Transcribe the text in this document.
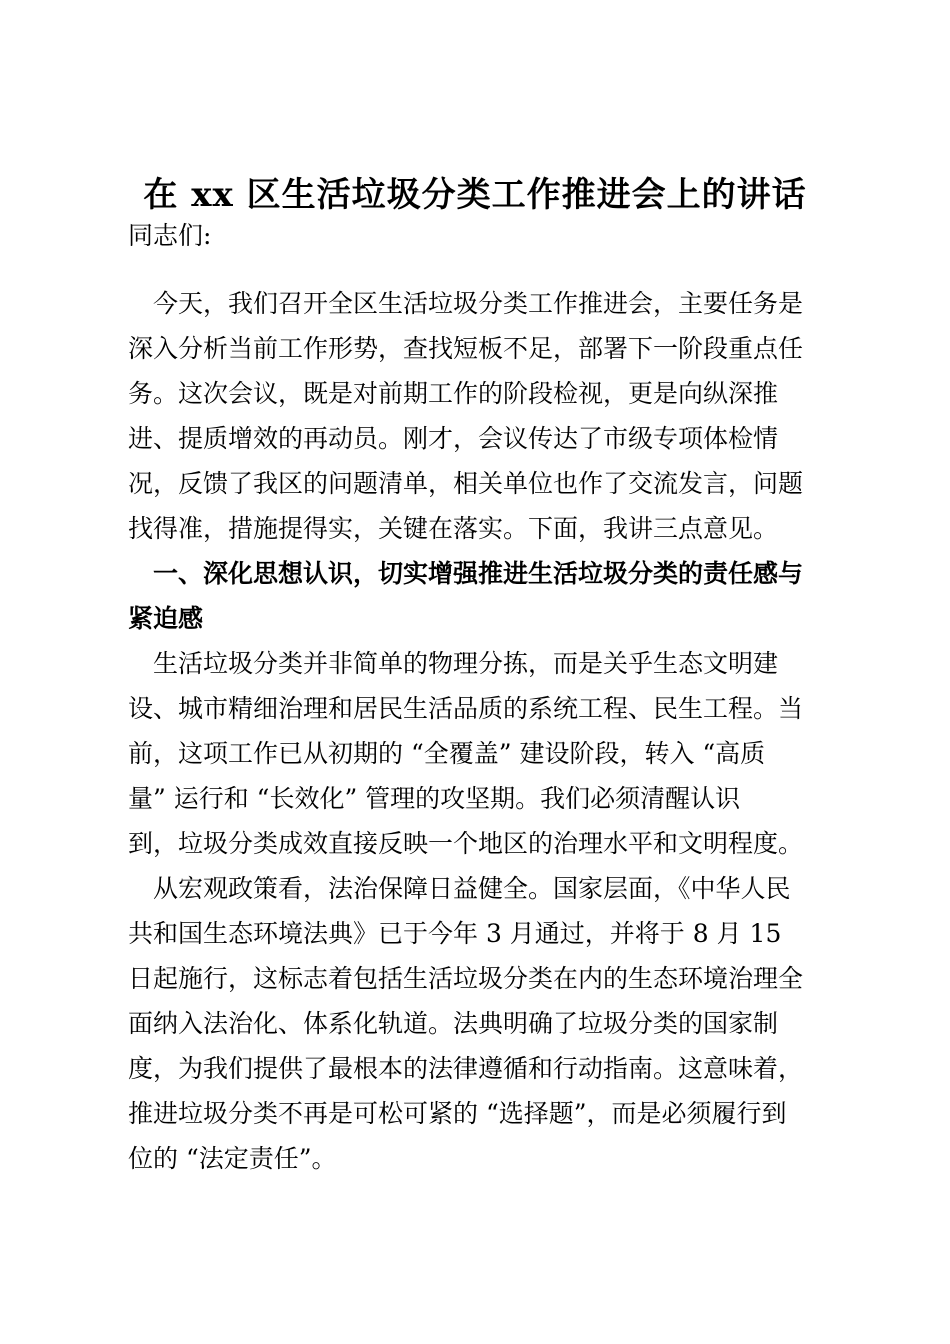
在 xx 区生活垃圾分类工作推进会上的讲话
同志们:
　今天，我们召开全区生活垃圾分类工作推进会，主要任务是
深入分析当前工作形势，查找短板不足，部署下一阶段重点任
务。这次会议，既是对前期工作的阶段检视，更是向纵深推
进、提质增效的再动员。刚才，会议传达了市级专项体检情
况，反馈了我区的问题清单，相关单位也作了交流发言，问题
找得准，措施提得实，关键在落实。下面，我讲三点意见。
　一、深化思想认识，切实增强推进生活垃圾分类的责任感与
紧迫感
　生活垃圾分类并非简单的物理分拣，而是关乎生态文明建
设、城市精细治理和居民生活品质的系统工程、民生工程。当
前，这项工作已从初期的 “全覆盖” 建设阶段，转入 “高质
量” 运行和 “长效化” 管理的攻坚期。我们必须清醒认识
到，垃圾分类成效直接反映一个地区的治理水平和文明程度。
　从宏观政策看，法治保障日益健全。国家层面，《中华人民
共和国生态环境法典》已于今年 3 月通过，并将于 8 月 15
日起施行，这标志着包括生活垃圾分类在内的生态环境治理全
面纳入法治化、体系化轨道。法典明确了垃圾分类的国家制
度，为我们提供了最根本的法律遵循和行动指南。这意味着，
推进垃圾分类不再是可松可紧的 “选择题”，而是必须履行到
位的 “法定责任”。
